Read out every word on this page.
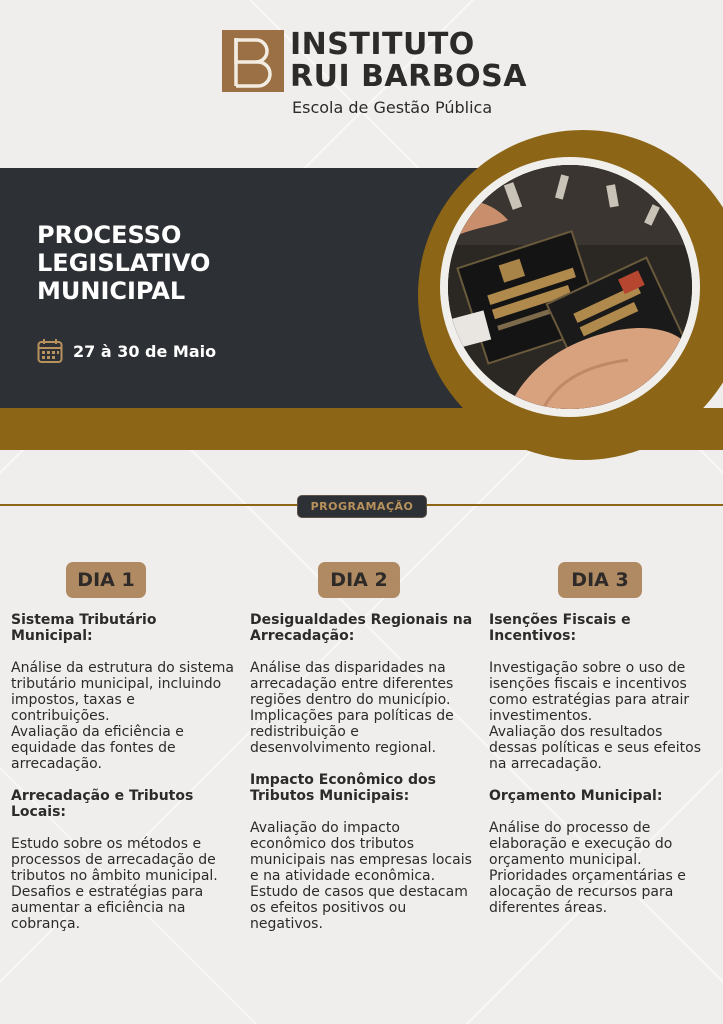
INSTITUTO
RUI BARBOSA
Escola de Gestão Pública
PROCESSO
LEGISLATIVO
MUNICIPAL
27 à 30 de Maio
PROGRAMAÇÃO
DIA 1	DIA 2	DIA 3
Sistema Tributário Municipal:

Análise da estrutura do sistema tributário municipal, incluindo impostos, taxas e contribuições.
Avaliação da eficiência e equidade das fontes de arrecadação.

Arrecadação e Tributos Locais:

Estudo sobre os métodos e processos de arrecadação de tributos no âmbito municipal.
Desafios e estratégias para aumentar a eficiência na cobrança.

Desigualdades Regionais na Arrecadação:

Análise das disparidades na arrecadação entre diferentes regiões dentro do município.
Implicações para políticas de redistribuição e desenvolvimento regional.

Impacto Econômico dos Tributos Municipais:

Avaliação do impacto econômico dos tributos municipais nas empresas locais e na atividade econômica.
Estudo de casos que destacam os efeitos positivos ou negativos.

Isenções Fiscais e Incentivos:

Investigação sobre o uso de isenções fiscais e incentivos como estratégias para atrair investimentos.
Avaliação dos resultados dessas políticas e seus efeitos na arrecadação.

Orçamento Municipal:

Análise do processo de elaboração e execução do orçamento municipal.
Prioridades orçamentárias e alocação de recursos para diferentes áreas.
